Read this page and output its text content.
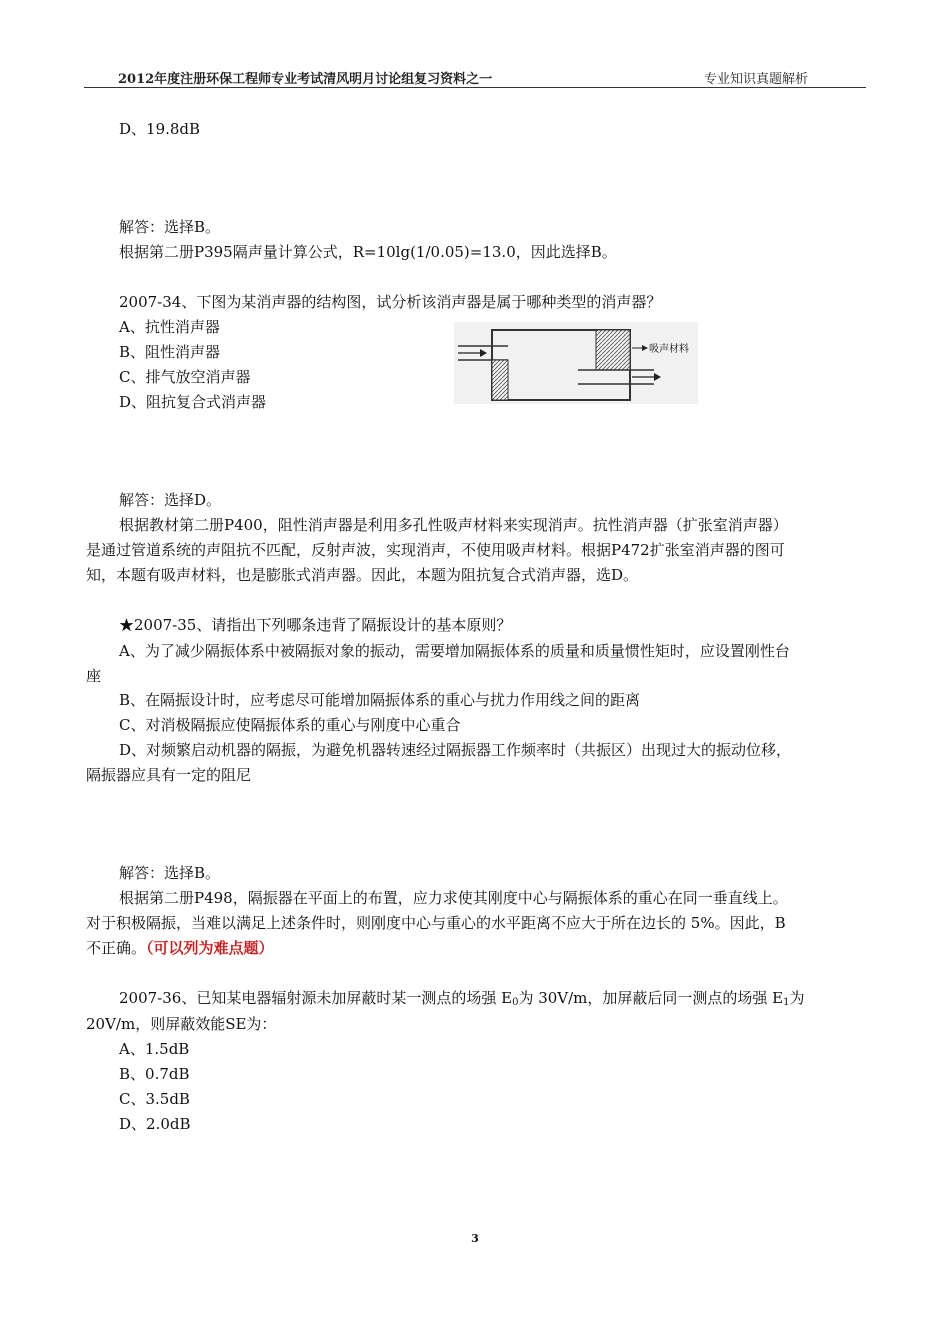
2012年度注册环保工程师专业考试清风明月讨论组复习资料之一	专业知识真题解析
D、19.8dB
解答：选择B。
根据第二册P395隔声量计算公式，R=10lg(1/0.05)=13.0，因此选择B。
2007-34、下图为某消声器的结构图，试分析该消声器是属于哪种类型的消声器？
A、抗性消声器
B、阻性消声器
C、排气放空消声器
D、阻抗复合式消声器
吸声材料
解答：选择D。
根据教材第二册P400，阻性消声器是利用多孔性吸声材料来实现消声。抗性消声器（扩张室消声器）
是通过管道系统的声阻抗不匹配，反射声波，实现消声，不使用吸声材料。根据P472扩张室消声器的图可
知，本题有吸声材料，也是膨胀式消声器。因此，本题为阻抗复合式消声器，选D。
★2007-35、请指出下列哪条违背了隔振设计的基本原则？
A、为了减少隔振体系中被隔振对象的振动，需要增加隔振体系的质量和质量惯性矩时，应设置刚性台
座
B、在隔振设计时，应考虑尽可能增加隔振体系的重心与扰力作用线之间的距离
C、对消极隔振应使隔振体系的重心与刚度中心重合
D、对频繁启动机器的隔振，为避免机器转速经过隔振器工作频率时（共振区）出现过大的振动位移，
隔振器应具有一定的阻尼
解答：选择B。
根据第二册P498，隔振器在平面上的布置，应力求使其刚度中心与隔振体系的重心在同一垂直线上。
对于积极隔振，当难以满足上述条件时，则刚度中心与重心的水平距离不应大于所在边长的 5%。因此，B
不正确。（可以列为难点题）
2007-36、已知某电器辐射源未加屏蔽时某一测点的场强 $E_0$为 30V/m，加屏蔽后同一测点的场强 $E_1$为
20V/m，则屏蔽效能SE为：
A、1.5dB
B、0.7dB
C、3.5dB
D、2.0dB
3
